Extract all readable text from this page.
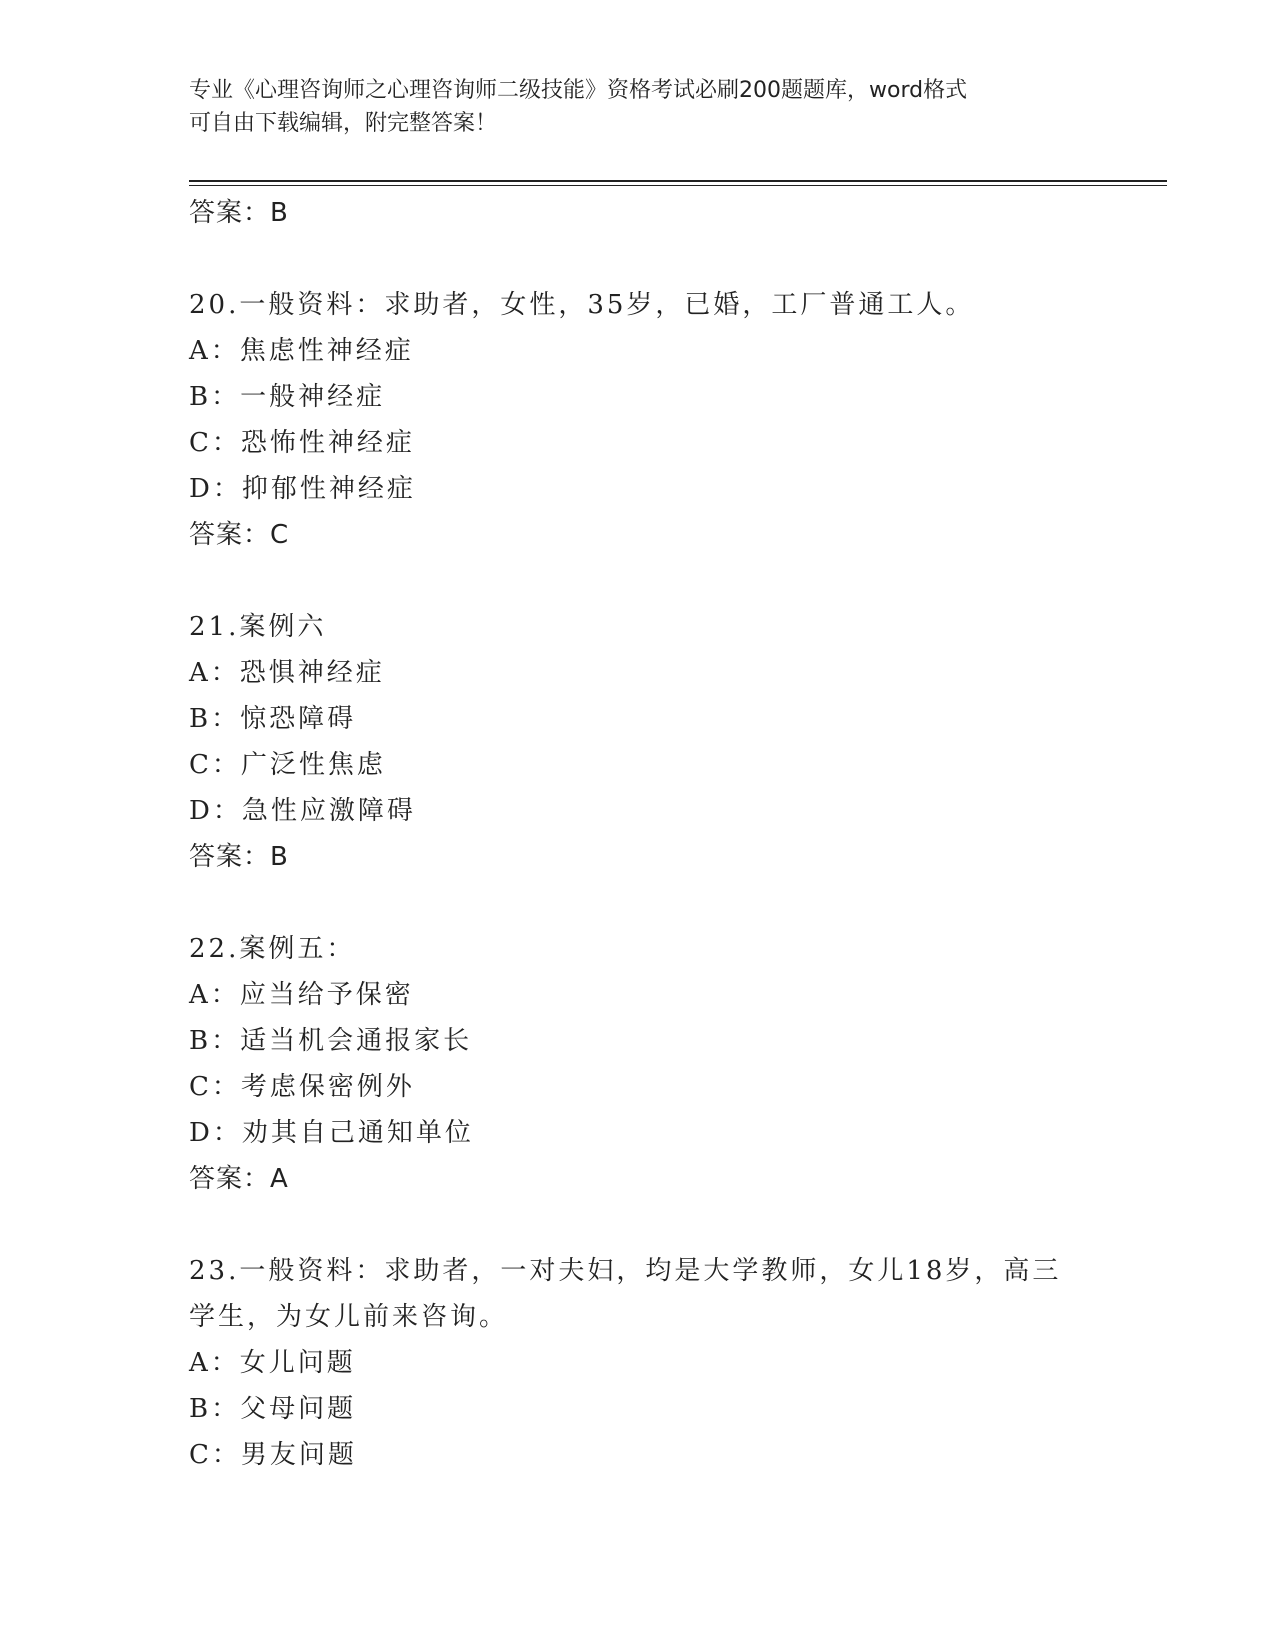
专业《心理咨询师之心理咨询师二级技能》资格考试必刷200题题库，word格式
可自由下载编辑，附完整答案！
答案：B
20.一般资料：求助者，女性，35岁，已婚，工厂普通工人。
A：焦虑性神经症
B：一般神经症
C：恐怖性神经症
D：抑郁性神经症
答案：C
21.案例六
A：恐惧神经症
B：惊恐障碍
C：广泛性焦虑
D：急性应激障碍
答案：B
22.案例五：
A：应当给予保密
B：适当机会通报家长
C：考虑保密例外
D：劝其自己通知单位
答案：A
23.一般资料：求助者，一对夫妇，均是大学教师，女儿18岁，高三
学生，为女儿前来咨询。
A：女儿问题
B：父母问题
C：男友问题
